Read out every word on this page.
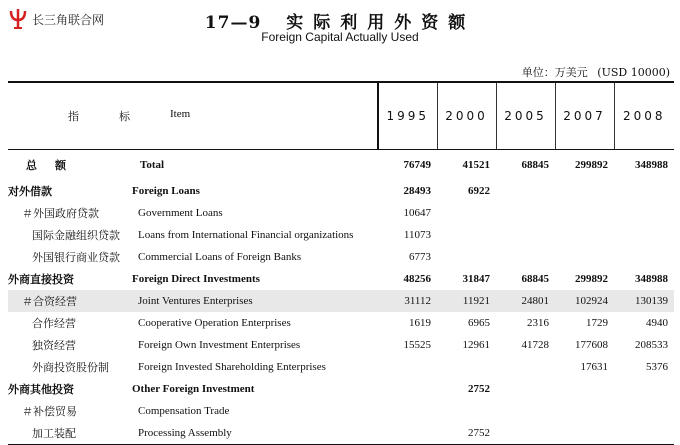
长三角联合网	17—9 实际利用外资额
Foreign Capital Actually Used
单位：万美元 (USD 10000)
指 标 Item		1995	2000	2005	2007	2008
总额	Total	76749	41521	68845	299892	348988
对外借款	Foreign Loans	28493	6922			
＃外国政府贷款	Government Loans	10647				
国际金融组织贷款	Loans from International Financial organizations	11073				
外国银行商业贷款	Commercial Loans of Foreign Banks	6773				
外商直接投资	Foreign Direct Investments	48256	31847	68845	299892	348988
＃合资经营	Joint Ventures Enterprises	31112	11921	24801	102924	130139
合作经营	Cooperative Operation Enterprises	1619	6965	2316	1729	4940
独资经营	Foreign Own Investment Enterprises	15525	12961	41728	177608	208533
外商投资股份制	Foreign Invested Shareholding Enterprises				17631	5376
外商其他投资	Other Foreign Investment		2752			
＃补偿贸易	Compensation Trade					
加工装配	Processing Assembly		2752			
